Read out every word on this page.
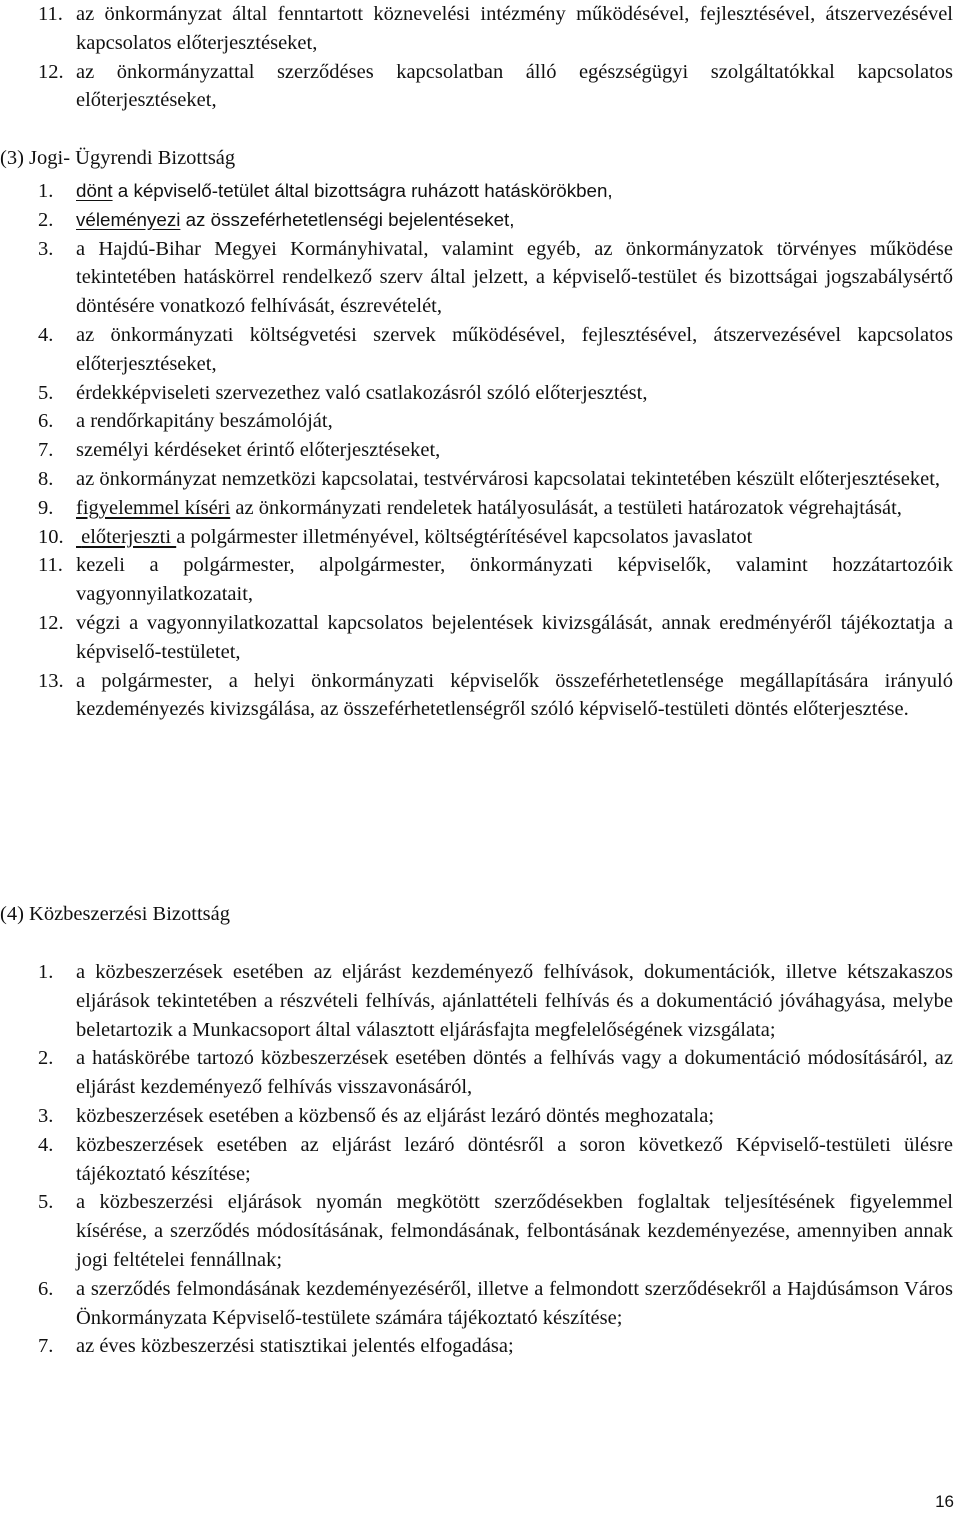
11. az önkormányzat által fenntartott köznevelési intézmény működésével, fejlesztésével, átszervezésével kapcsolatos előterjesztéseket,
12. az önkormányzattal szerződéses kapcsolatban álló egészségügyi szolgáltatókkal kapcsolatos előterjesztéseket,
(3) Jogi- Ügyrendi Bizottság
1.	dönt a képviselő-tetület által bizottságra ruházott hatáskörökben,
2.	véleményezi az összeférhetetlenségi bejelentéseket,
3.	a Hajdú-Bihar Megyei Kormányhivatal, valamint egyéb, az önkormányzatok törvényes működése tekintetében hatáskörrel rendelkező szerv által jelzett, a képviselő-testület és bizottságai jogszabálysértő döntésére vonatkozó felhívását, észrevételét,
4.	az önkormányzati költségvetési szervek működésével, fejlesztésével, átszervezésével kapcsolatos előterjesztéseket,
5.	érdekképviseleti szervezethez való csatlakozásról szóló előterjesztést,
6.	a rendőrkapitány beszámolóját,
7.	személyi kérdéseket érintő előterjesztéseket,
8.	az önkormányzat nemzetközi kapcsolatai, testvérvárosi kapcsolatai tekintetében készült előterjesztéseket,
9.	figyelemmel kíséri az önkormányzati rendeletek hatályosulását, a testületi határozatok végrehajtását,
10. előterjeszti a polgármester illetményével, költségtérítésével kapcsolatos javaslatot
11. kezeli a polgármester, alpolgármester, önkormányzati képviselők, valamint hozzátartozóik vagyonnyilatkozatait,
12. végzi a vagyonnyilatkozattal kapcsolatos bejelentések kivizsgálását, annak eredményéről tájékoztatja a képviselő-testületet,
13. a polgármester, a helyi önkormányzati képviselők összeférhetetlensége megállapítására irányuló kezdeményezés kivizsgálása, az összeférhetetlenségről szóló képviselő-testületi döntés előterjesztése.
(4) Közbeszerzési Bizottság
1.	a közbeszerzések esetében az eljárást kezdeményező felhívások, dokumentációk, illetve kétszakaszos eljárások tekintetében a részvételi felhívás, ajánlattételi felhívás és a dokumentáció jóváhagyása, melybe beletartozik a Munkacsoport által választott eljárásfajta megfelelőségének vizsgálata;
2.	a hatáskörébe tartozó közbeszerzések esetében döntés a felhívás vagy a dokumentáció módosításáról, az eljárást kezdeményező felhívás visszavonásáról,
3.	közbeszerzések esetében a közbenső és az eljárást lezáró döntés meghozatala;
4.	közbeszerzések esetében az eljárást lezáró döntésről a soron következő Képviselő-testületi ülésre tájékoztató készítése;
5.	a közbeszerzési eljárások nyomán megkötött szerződésekben foglaltak teljesítésének figyelemmel kísérése, a szerződés módosításának, felmondásának, felbontásának kezdeményezése, amennyiben annak jogi feltételei fennállnak;
6.	a szerződés felmondásának kezdeményezéséről, illetve a felmondott szerződésekről a Hajdúsámson Város Önkormányzata Képviselő-testülete számára tájékoztató készítése;
7.	az éves közbeszerzési statisztikai jelentés elfogadása;
16
